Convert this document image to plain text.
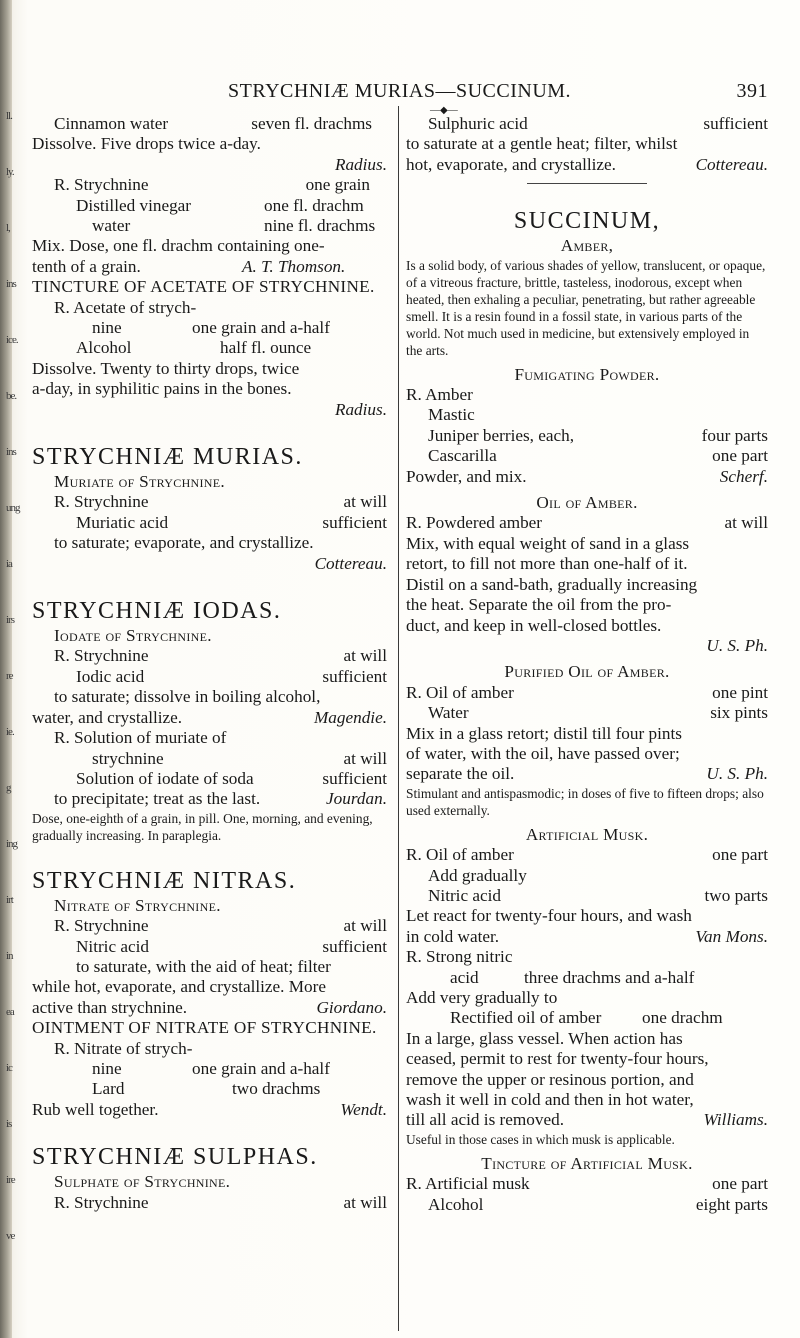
ll.
ly.
l,
ins
ice.
be.
ins
ung
ia
irs
re
ie.
g
ing
irt
in
ea
ic
is
ire
ve
STRYCHNIÆ MURIAS—SUCCINUM.	391
—◆—
Cinnamon water	seven fl. drachms
Dissolve. Five drops twice a-day.
Radius.
R. Strychnine	one grain
Distilled vinegar	one fl. drachm
water	nine fl. drachms
Mix. Dose, one fl. drachm containing one-
tenth of a grain.	A. T. Thomson.
TINCTURE OF ACETATE OF STRYCHNINE.
R. Acetate of strych-
nine	one grain and a-half
Alcohol	half fl. ounce
Dissolve. Twenty to thirty drops, twice
a-day, in syphilitic pains in the bones.
Radius.
STRYCHNIÆ MURIAS.
Muriate of Strychnine.
R. Strychnine	at will
Muriatic acid	sufficient
to saturate; evaporate, and crystallize.
Cottereau.
STRYCHNIÆ IODAS.
Iodate of Strychnine.
R. Strychnine	at will
Iodic acid	sufficient
to saturate; dissolve in boiling alcohol,
water, and crystallize.	Magendie.
R. Solution of muriate of
strychnine	at will
Solution of iodate of soda	sufficient
to precipitate; treat as the last.	Jourdan.
Dose, one-eighth of a grain, in pill. One, morning, and evening, gradually increasing. In paraplegia.
STRYCHNIÆ NITRAS.
Nitrate of Strychnine.
R. Strychnine	at will
Nitric acid	sufficient
to saturate, with the aid of heat; filter
while hot, evaporate, and crystallize. More
active than strychnine.	Giordano.
OINTMENT OF NITRATE OF STRYCHNINE.
R. Nitrate of strych-
nine	one grain and a-half
Lard	two drachms
Rub well together.	Wendt.
STRYCHNIÆ SULPHAS.
Sulphate of Strychnine.
R. Strychnine	at will
Sulphuric acid	sufficient
to saturate at a gentle heat; filter, whilst
hot, evaporate, and crystallize.	Cottereau.
SUCCINUM,
Amber,
Is a solid body, of various shades of yellow, translucent, or opaque, of a vitreous fracture, brittle, tasteless, inodorous, except when heated, then exhaling a peculiar, penetrating, but rather agreeable smell. It is a resin found in a fossil state, in various parts of the world. Not much used in medicine, but extensively employed in the arts.
Fumigating Powder.
R. Amber
Mastic
Juniper berries, each,	four parts
Cascarilla	one part
Powder, and mix.	Scherf.
Oil of Amber.
R. Powdered amber	at will
Mix, with equal weight of sand in a glass
retort, to fill not more than one-half of it.
Distil on a sand-bath, gradually increasing
the heat. Separate the oil from the pro-
duct, and keep in well-closed bottles.
U. S. Ph.
Purified Oil of Amber.
R. Oil of amber	one pint
Water	six pints
Mix in a glass retort; distil till four pints
of water, with the oil, have passed over;
separate the oil.	U. S. Ph.
Stimulant and antispasmodic; in doses of five to fifteen drops; also used externally.
Artificial Musk.
R. Oil of amber	one part
Add gradually
Nitric acid	two parts
Let react for twenty-four hours, and wash
in cold water.	Van Mons.
R. Strong nitric
acid	three drachms and a-half
Add very gradually to
Rectified oil of amber one drachm
In a large, glass vessel. When action has
ceased, permit to rest for twenty-four hours,
remove the upper or resinous portion, and
wash it well in cold and then in hot water,
till all acid is removed.	Williams.
Useful in those cases in which musk is applicable.
Tincture of Artificial Musk.
R. Artificial musk	one part
Alcohol	eight parts
